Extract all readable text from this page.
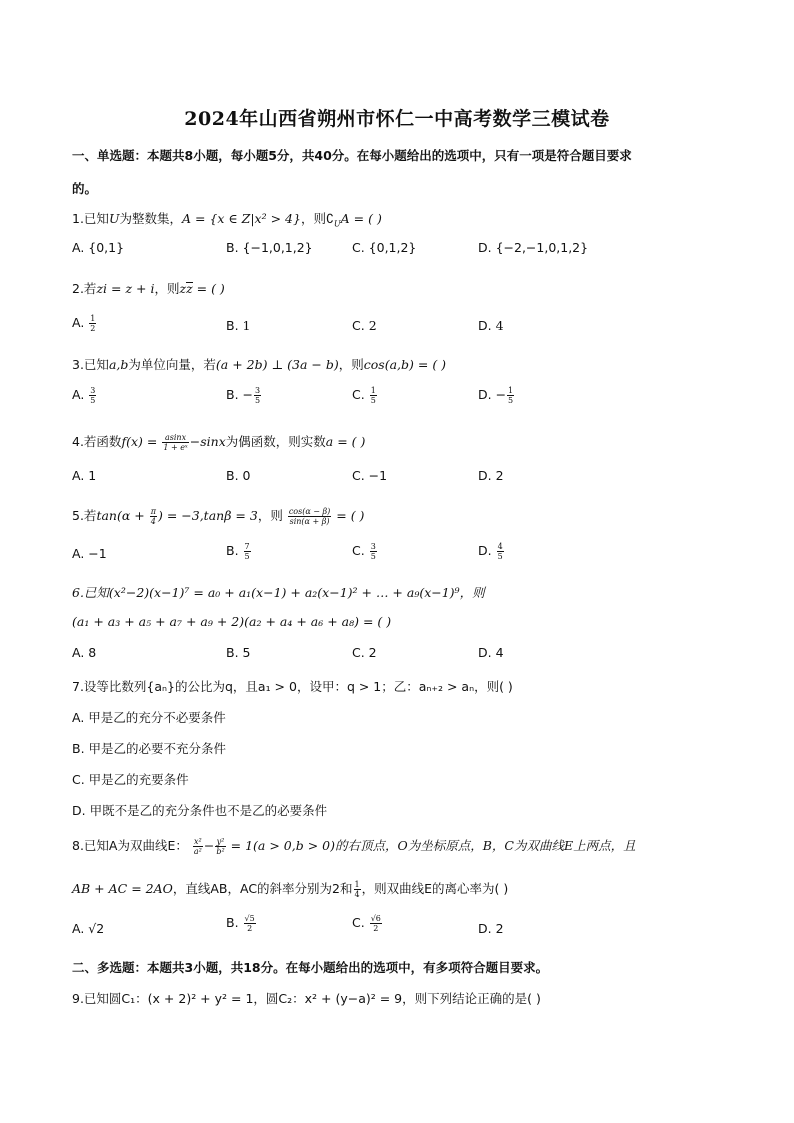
2024年山西省朔州市怀仁一中高考数学三模试卷
一、单选题：本题共8小题，每小题5分，共40分。在每小题给出的选项中，只有一项是符合题目要求
的。
1.已知U为整数集，A = {x ∈ Z|x² > 4}，则$∁_UA$ = ( )
A. {0,1}	B. {−1,0,1,2}	C. {0,1,2}	D. {−2,−1,0,1,2}
2.若zi = z + i，则zz = ( )
A. $\frac{1}{2}$	B. 1	C. 2	D. 4
3.已知a,b为单位向量，若(a + 2b) ⊥ (3a − b)，则cos(a,b) = ( )
A. $\frac{3}{5}$	B. − $\frac{3}{5}$	C. $\frac{1}{5}$	D. − $\frac{1}{5}$
4.若函数$f(x) = \frac{asinx}{\text{1 + eˣ}} -\sin x$为偶函数，则实数a = ( )
A. 1	B. 0	C. −1	D. 2
5.若$\tan(\alpha + \frac{\pi}{4}$ ) = −3,tanβ = 3，则 $\frac{\cos(\alpha - \beta)}{\sin(\alpha + \beta)}$ = ( )
A. −1	B. $\frac{7}{5}$	C. $\frac{3}{5}$	D. $\frac{4}{5}$
6.已知(x²−2)(x−1)⁷ = a₀ + a₁(x−1) + a₂(x−1)² + … + a₉(x−1)⁹，则
(a₁ + a₃ + a₅ + a₇ + a₉ + 2)(a₂ + a₄ + a₆ + a₈) = ( )
A. 8	B. 5	C. 2	D. 4
7.设等比数列{aₙ}的公比为q，且a₁ > 0，设甲：q > 1；乙：aₙ₊₂ > aₙ，则( )
A. 甲是乙的充分不必要条件
B. 甲是乙的必要不充分条件
C. 甲是乙的充要条件
D. 甲既不是乙的充分条件也不是乙的必要条件
8.已知A为双曲线E： $\frac{\text{x²}}{\text{a²}} - \frac{\text{y²}}{\text{b²}} = 1(a > 0,b > 0)$的右顶点，O为坐标原点，B，C为双曲线E上两点，且
AB + AC = 2AO，直线AB，AC的斜率分别为2和 $\frac{1}{4}$ ，则双曲线E的离心率为( )
A. √2	B. $\frac{√5}{2}$	C. $\frac{√6}{2}$	D. 2
二、多选题：本题共3小题，共18分。在每小题给出的选项中，有多项符合题目要求。
9.已知圆C₁：(x + 2)² + y² = 1，圆C₂：x² + (y−a)² = 9，则下列结论正确的是( )
